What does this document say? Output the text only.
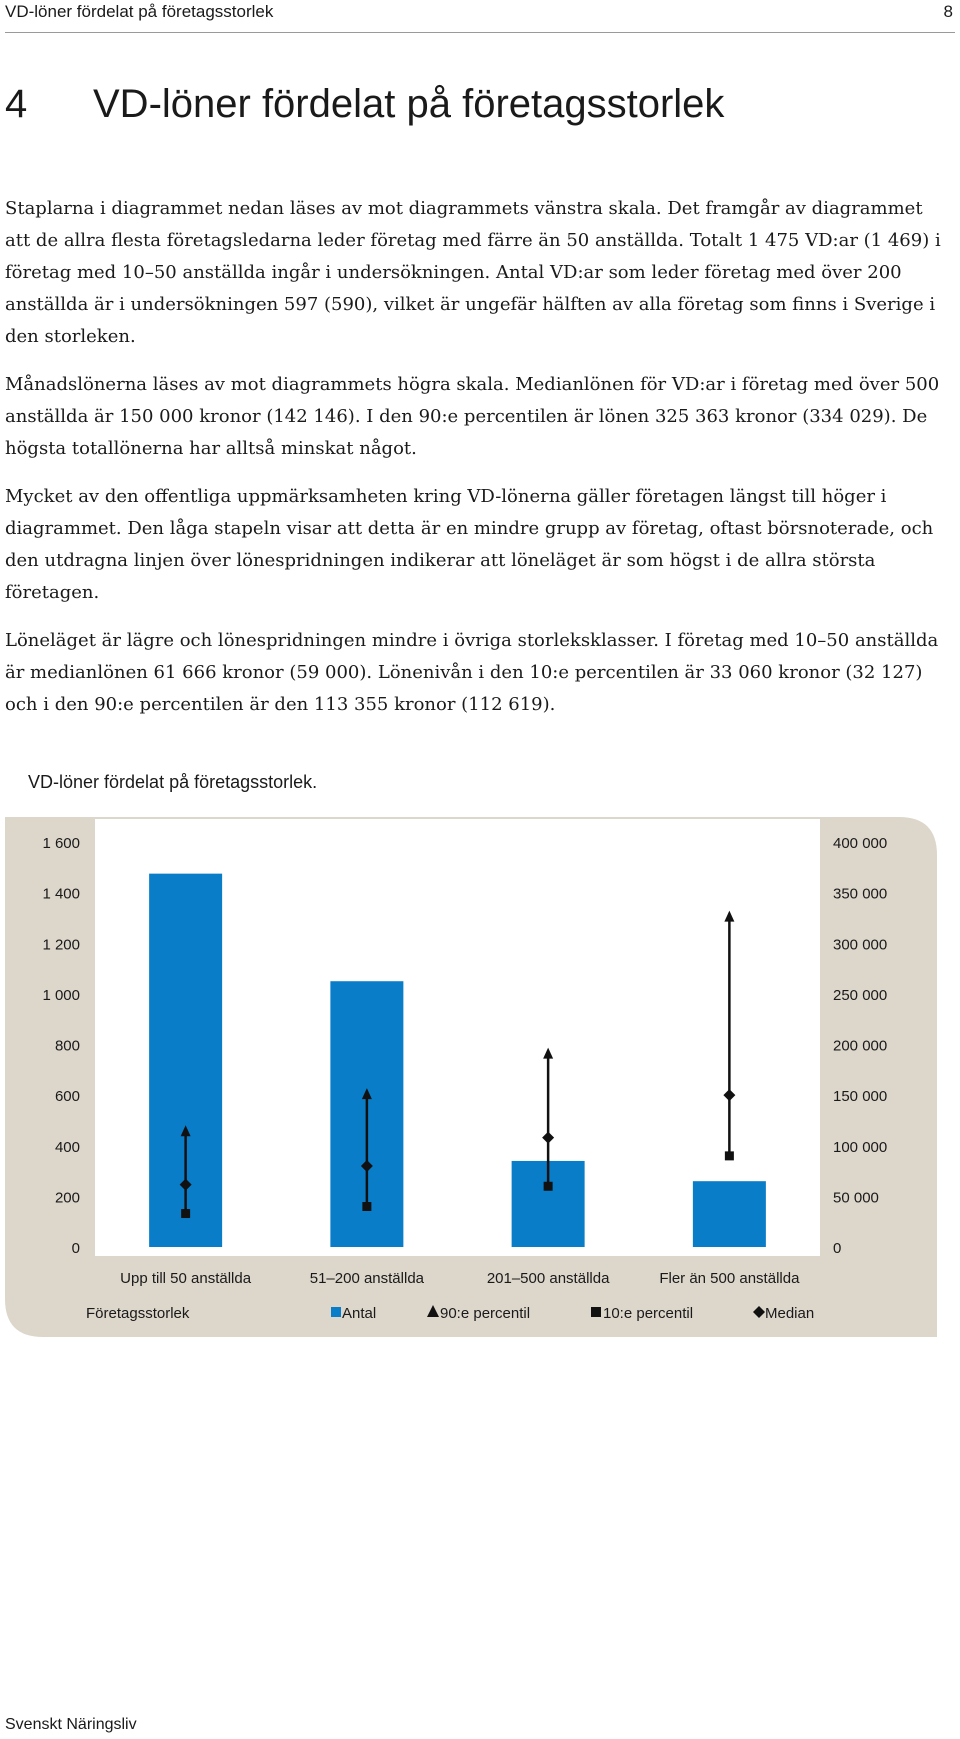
VD-löner fördelat på företagsstorlek	8
4 VD-löner fördelat på företagsstorlek

Staplarna i diagrammet nedan läses av mot diagrammets vänstra skala. Det framgår av diagrammet att de allra flesta företagsledarna leder företag med färre än 50 anställda. Totalt 1 475 VD:ar (1 469) i företag med 10–50 anställda ingår i undersökningen. Antal VD:ar som leder företag med över 200 anställda är i undersökningen 597 (590), vilket är ungefär hälften av alla företag som finns i Sverige i den storleken.

Månadslönerna läses av mot diagrammets högra skala. Medianlönen för VD:ar i företag med över 500 anställda är 150 000 kronor (142 146). I den 90:e percentilen är lönen 325 363 kronor (334 029). De högsta totallönerna har alltså minskat något.

Mycket av den offentliga uppmärksamheten kring VD-lönerna gäller företagen längst till höger i diagrammet. Den låga stapeln visar att detta är en mindre grupp av företag, oftast börsnoterade, och den utdragna linjen över lönespridningen indikerar att löneläget är som högst i de allra största företagen.

Löneläget är lägre och lönespridningen mindre i övriga storleksklasser. I företag med 10–50 anställda är medianlönen 61 666 kronor (59 000). Lönenivån i den 10:e percentilen är 33 060 kronor (32 127) och i den 90:e percentilen är den 113 355 kronor (112 619).

VD-löner fördelat på företagsstorlek.
0
200
400
600
800
1 000
1 200
1 400
1 600
0
50 000
100 000
150 000
200 000
250 000
300 000
350 000
400 000
Upp till 50 anställda	51–200 anställda	201–500 anställda	Fler än 500 anställda
Företagsstorlek	Antal	90:e percentil	10:e percentil	Median
Svenskt Näringsliv
